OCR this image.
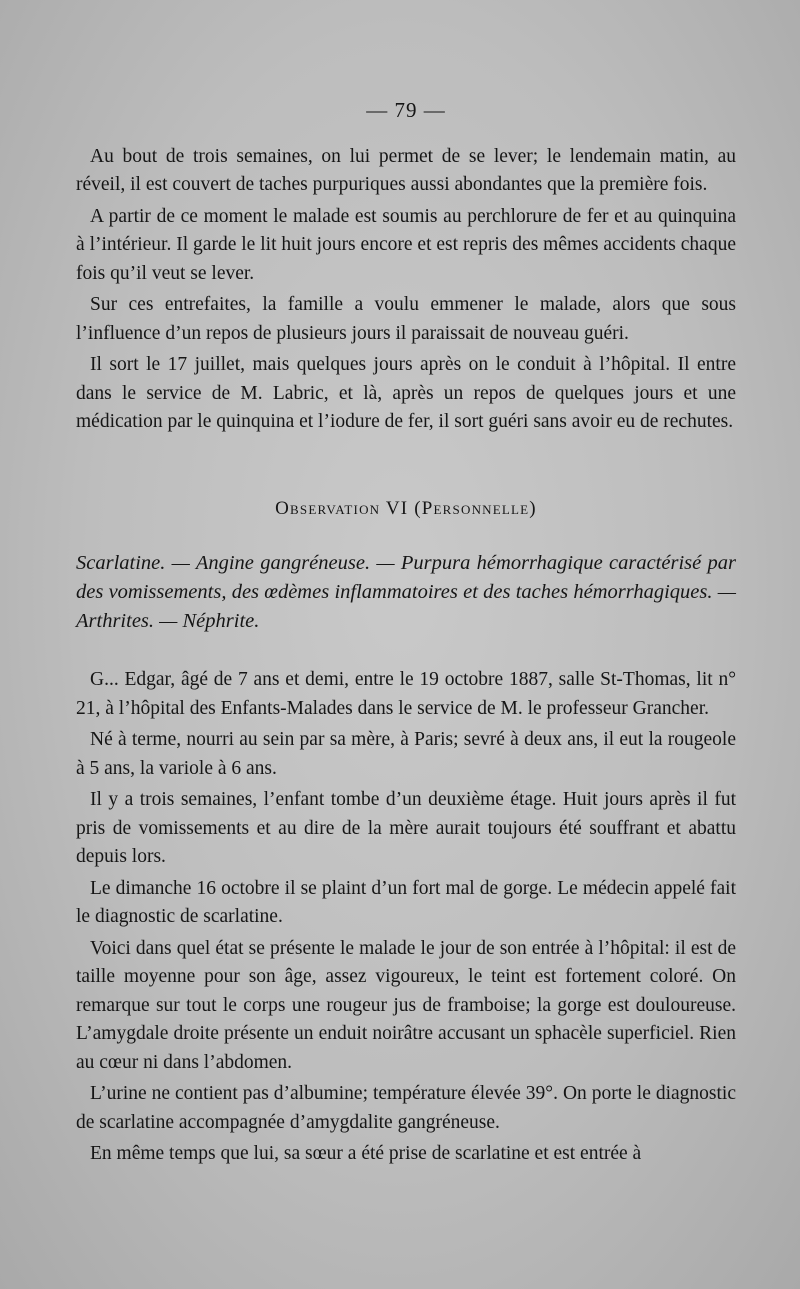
— 79 —

Au bout de trois semaines, on lui permet de se lever; le lendemain matin, au réveil, il est couvert de taches purpuriques aussi abondantes que la première fois.

A partir de ce moment le malade est soumis au perchlorure de fer et au quinquina à l’intérieur. Il garde le lit huit jours encore et est repris des mêmes accidents chaque fois qu’il veut se lever.

Sur ces entrefaites, la famille a voulu emmener le malade, alors que sous l’influence d’un repos de plusieurs jours il paraissait de nouveau guéri.

Il sort le 17 juillet, mais quelques jours après on le conduit à l’hôpital. Il entre dans le service de M. Labric, et là, après un repos de quelques jours et une médication par le quinquina et l’iodure de fer, il sort guéri sans avoir eu de rechutes.

Observation VI (Personnelle)

Scarlatine. — Angine gangréneuse. — Purpura hémorrhagique caractérisé par des vomissements, des œdèmes inflammatoires et des taches hémorrhagiques. — Arthrites. — Néphrite.

G... Edgar, âgé de 7 ans et demi, entre le 19 octobre 1887, salle St-Thomas, lit n° 21, à l’hôpital des Enfants-Malades dans le service de M. le professeur Grancher.

Né à terme, nourri au sein par sa mère, à Paris; sevré à deux ans, il eut la rougeole à 5 ans, la variole à 6 ans.

Il y a trois semaines, l’enfant tombe d’un deuxième étage. Huit jours après il fut pris de vomissements et au dire de la mère aurait toujours été souffrant et abattu depuis lors.

Le dimanche 16 octobre il se plaint d’un fort mal de gorge. Le médecin appelé fait le diagnostic de scarlatine.

Voici dans quel état se présente le malade le jour de son entrée à l’hôpital: il est de taille moyenne pour son âge, assez vigoureux, le teint est fortement coloré. On remarque sur tout le corps une rougeur jus de framboise; la gorge est douloureuse. L’amygdale droite présente un enduit noirâtre accusant un sphacèle superficiel. Rien au cœur ni dans l’abdomen.

L’urine ne contient pas d’albumine; température élevée 39°. On porte le diagnostic de scarlatine accompagnée d’amygdalite gangréneuse.

En même temps que lui, sa sœur a été prise de scarlatine et est entrée à
